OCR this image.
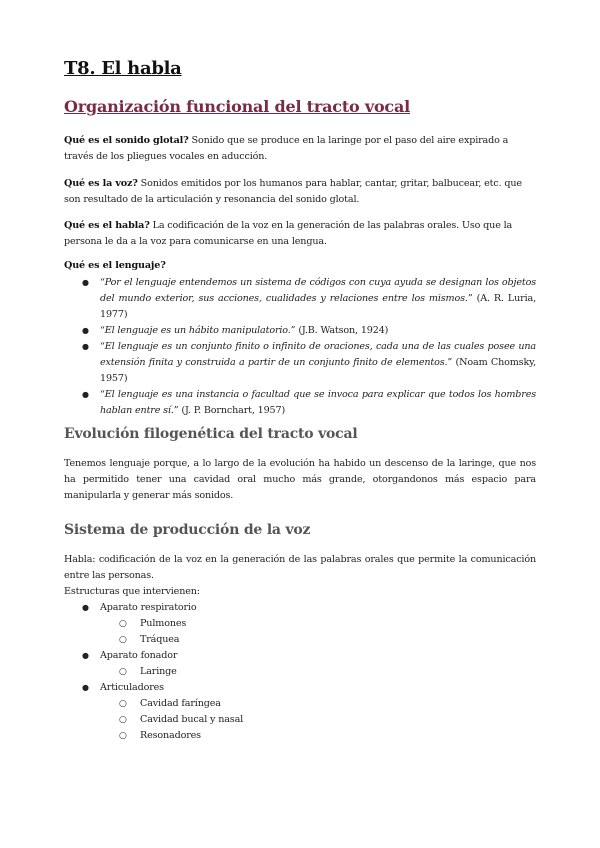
T8. El habla
Organización funcional del tracto vocal

Qué es el sonido glotal? Sonido que se produce en la laringe por el paso del aire expirado a través de los pliegues vocales en aducción.

Qué es la voz? Sonidos emitidos por los humanos para hablar, cantar, gritar, balbucear, etc. que son resultado de la articulación y resonancia del sonido glotal.

Qué es el habla? La codificación de la voz en la generación de las palabras orales. Uso que la persona le da a la voz para comunicarse en una lengua.

Qué es el lenguaje?

● “Por el lenguaje entendemos un sistema de códigos con cuya ayuda se designan los objetos del mundo exterior, sus acciones, cualidades y relaciones entre los mismos.” (A. R. Luria, 1977)
● “El lenguaje es un hábito manipulatorio.” (J.B. Watson, 1924)
● “El lenguaje es un conjunto finito o infinito de oraciones, cada una de las cuales posee una extensión finita y construida a partir de un conjunto finito de elementos.” (Noam Chomsky, 1957)
● “El lenguaje es una instancia o facultad que se invoca para explicar que todos los hombres hablan entre sí.” (J. P. Bornchart, 1957)
Evolución filogenética del tracto vocal

Tenemos lenguaje porque, a lo largo de la evolución ha habido un descenso de la laringe, que nos ha permitido tener una cavidad oral mucho más grande, otorgandonos más espacio para manipularla y generar más sonidos.

Sistema de producción de la voz

Habla: codificación de la voz en la generación de las palabras orales que permite la comunicación entre las personas.

Estructuras que intervienen:

● Aparato respiratorio
○ Pulmones
○ Tráquea
● Aparato fonador
○ Laringe
● Articuladores
○ Cavidad faríngea
○ Cavidad bucal y nasal
○ Resonadores
